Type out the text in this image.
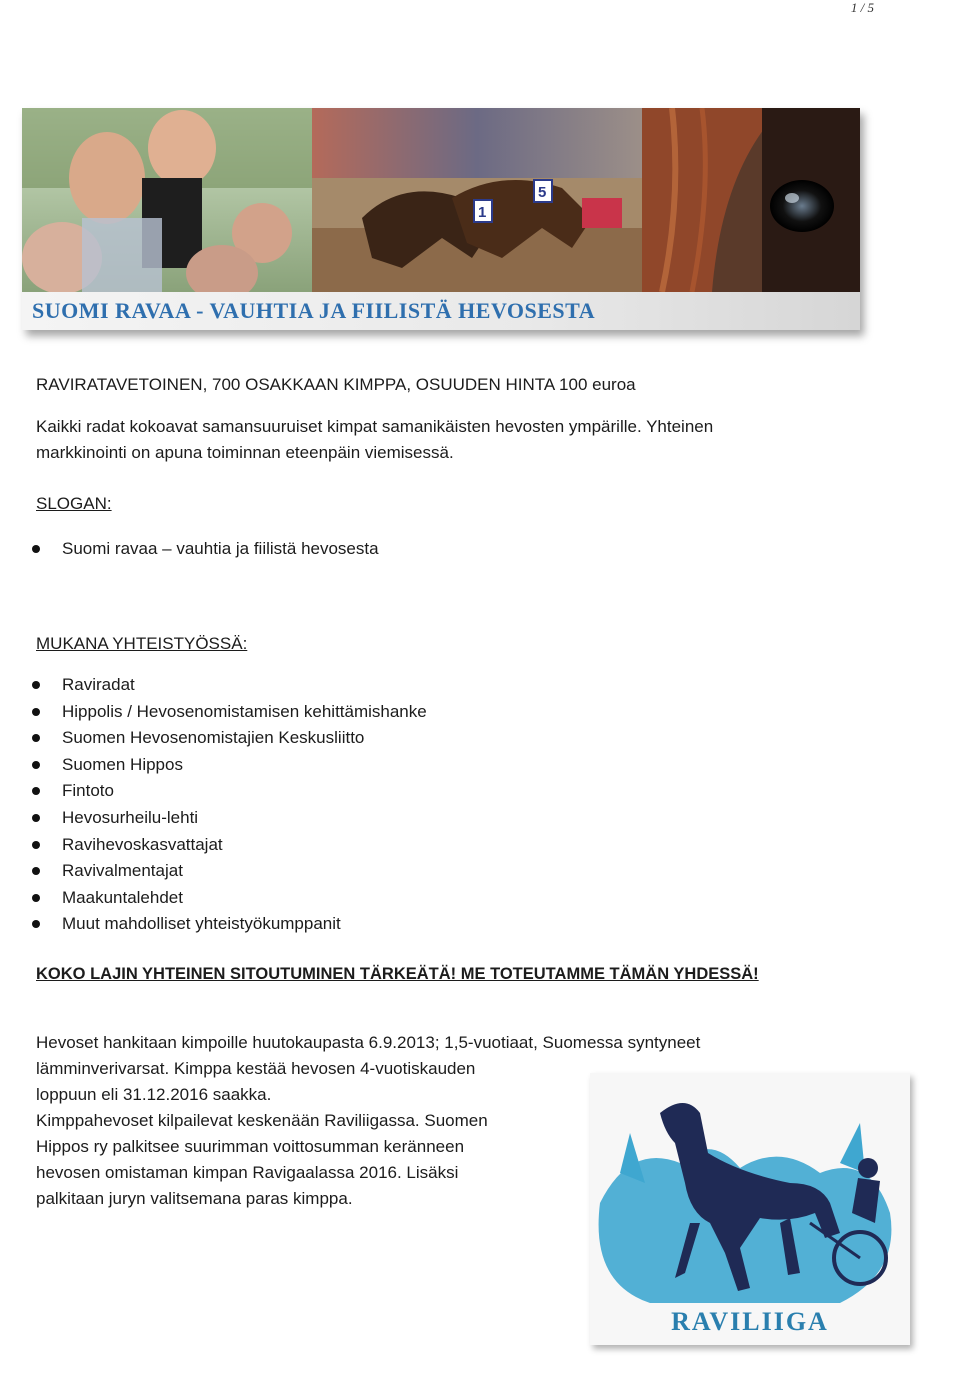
1 / 5
1
5
SUOMI RAVAA - VAUHTIA JA FIILISTÄ HEVOSESTA

RAVIRATAVETOINEN, 700 OSAKKAAN KIMPPA, OSUUDEN HINTA 100 euroa

Kaikki radat kokoavat samansuuruiset kimpat samanikäisten hevosten ympärille. Yhteinen

markkinointi on apuna toiminnan eteenpäin viemisessä.

SLOGAN:

Suomi ravaa – vauhtia ja fiilistä hevosesta

MUKANA YHTEISTYÖSSÄ:

Raviradat
Hippolis / Hevosenomistamisen kehittämishanke
Suomen Hevosenomistajien Keskusliitto
Suomen Hippos
Fintoto
Hevosurheilu-lehti
Ravihevoskasvattajat
Ravivalmentajat
Maakuntalehdet
Muut mahdolliset yhteistyökumppanit

KOKO LAJIN YHTEINEN SITOUTUMINEN TÄRKEÄTÄ! ME TOTEUTAMME TÄMÄN YHDESSÄ!

Hevoset hankitaan kimpoille huutokaupasta 6.9.2013; 1,5-vuotiaat, Suomessa syntyneet

lämminverivarsat. Kimppa kestää hevosen 4-vuotiskauden

loppuun eli 31.12.2016 saakka.

Kimppahevoset kilpailevat keskenään Raviliigassa. Suomen

Hippos ry palkitsee suurimman voittosumman keränneen

hevosen omistaman kimpan Ravigaalassa 2016. Lisäksi

palkitaan juryn valitsemana paras kimppa.

RAVILIIGA
